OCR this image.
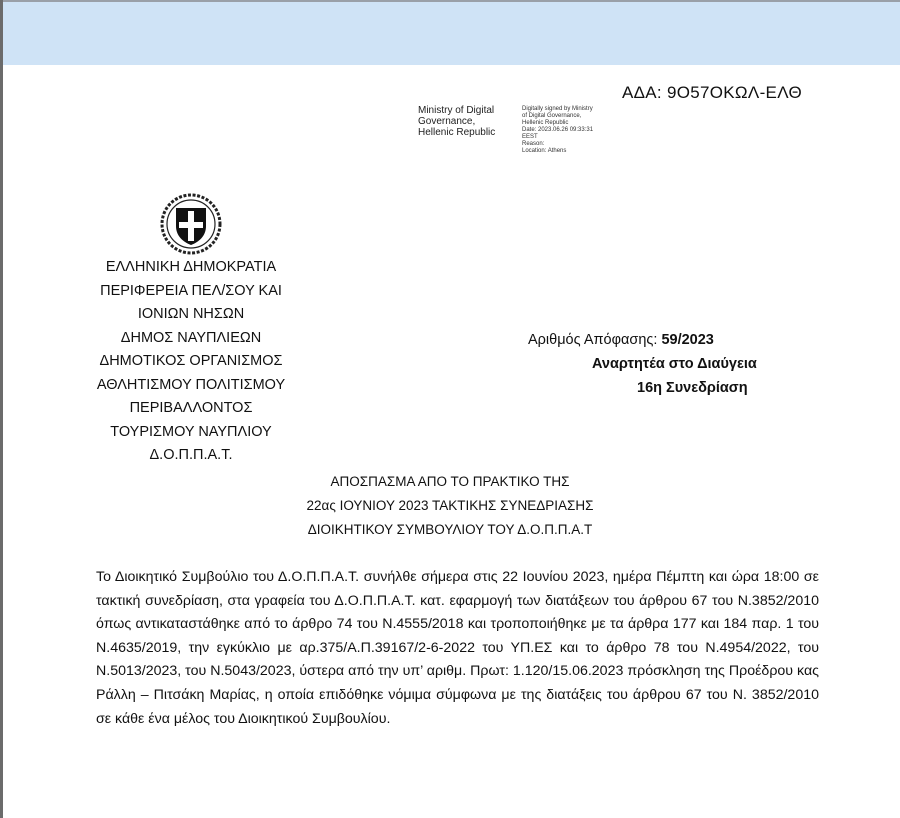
ΑΔΑ: 9Ο57ΟΚΩΛ-ΕΛΘ
Ministry of Digital
Governance,
Hellenic Republic
Digitally signed by Ministry
of Digital Governance,
Hellenic Republic
Date: 2023.06.26 09:33:31
EEST
Reason:
Location: Athens
ΕΛΛΗΝΙΚΗ ΔΗΜΟΚΡΑΤΙΑ
ΠΕΡΙΦΕΡΕΙΑ ΠΕΛ/ΣΟΥ ΚΑΙ
ΙΟΝΙΩΝ ΝΗΣΩΝ
ΔΗΜΟΣ ΝΑΥΠΛΙΕΩΝ
ΔΗΜΟΤΙΚΟΣ ΟΡΓΑΝΙΣΜΟΣ
ΑΘΛΗΤΙΣΜΟΥ ΠΟΛΙΤΙΣΜΟΥ
ΠΕΡΙΒΑΛΛΟΝΤΟΣ
ΤΟΥΡΙΣΜΟΥ ΝΑΥΠΛΙΟΥ
Δ.Ο.Π.Π.Α.Τ.
Αριθμός Απόφασης: 59/2023
Αναρτητέα στο Διαύγεια
16η Συνεδρίαση
ΑΠΟΣΠΑΣΜΑ ΑΠΟ ΤΟ ΠΡΑΚΤΙΚΟ ΤΗΣ
22ας ΙΟΥΝΙΟΥ 2023 ΤΑΚΤΙΚΗΣ ΣΥΝΕΔΡΙΑΣΗΣ
ΔΙΟΙΚΗΤΙΚΟΥ ΣΥΜΒΟΥΛΙΟΥ ΤΟΥ Δ.Ο.Π.Π.Α.Τ
Το Διοικητικό Συμβούλιο του Δ.Ο.Π.Π.Α.Τ. συνήλθε σήμερα στις 22 Ιουνίου 2023, ημέρα Πέμπτη και ώρα 18:00 σε τακτική συνεδρίαση, στα γραφεία του Δ.Ο.Π.Π.Α.Τ. κατ. εφαρμογή των διατάξεων του άρθρου 67 του Ν.3852/2010 όπως αντικαταστάθηκε από το άρθρο 74 του Ν.4555/2018 και τροποποιήθηκε με τα άρθρα 177 και 184 παρ. 1 του Ν.4635/2019, την εγκύκλιο με αρ.375/Α.Π.39167/2-6-2022 του ΥΠ.ΕΣ και το άρθρο 78 του Ν.4954/2022, του Ν.5013/2023, του Ν.5043/2023, ύστερα από την υπ’ αριθμ. Πρωτ: 1.120/15.06.2023 πρόσκληση της Προέδρου κας Ράλλη – Πιτσάκη Μαρίας, η οποία επιδόθηκε νόμιμα σύμφωνα με της διατάξεις του άρθρου 67 του Ν. 3852/2010 σε κάθε ένα μέλος του Διοικητικού Συμβουλίου.
